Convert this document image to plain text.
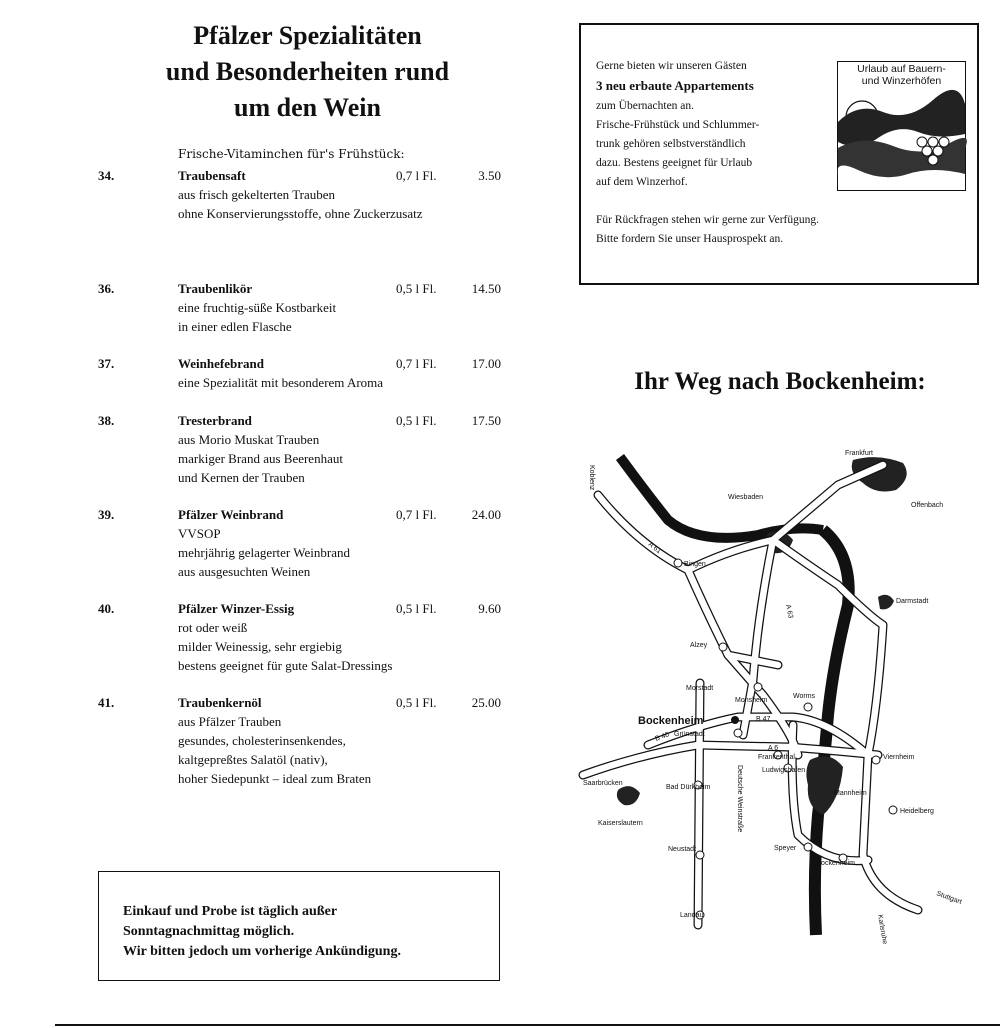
Pfälzer Spezialitäten
und Besonderheiten rund
um den Wein
Frische-Vitaminchen für's Frühstück:
34.	Traubensaft	0,7 l Fl.	3.50
aus frisch gekelterten Trauben
ohne Konservierungsstoffe, ohne Zuckerzusatz
36.	Traubenlikör	0,5 l Fl.	14.50
eine fruchtig-süße Kostbarkeit
in einer edlen Flasche
37.	Weinhefebrand	0,7 l Fl.	17.00
eine Spezialität mit besonderem Aroma
38.	Tresterbrand	0,5 l Fl.	17.50
aus Morio Muskat Trauben
markiger Brand aus Beerenhaut
und Kernen der Trauben
39.	Pfälzer Weinbrand	0,7 l Fl.	24.00
VVSOP
mehrjährig gelagerter Weinbrand
aus ausgesuchten Weinen
40.	Pfälzer Winzer-Essig	0,5 l Fl.	9.60
rot oder weiß
milder Weinessig, sehr ergiebig
bestens geeignet für gute Salat-Dressings
41.	Traubenkernöl	0,5 l Fl.	25.00
aus Pfälzer Trauben
gesundes, cholesterinsenkendes,
kaltgepreßtes Salatöl (nativ),
hoher Siedepunkt – ideal zum Braten
Einkauf und Probe ist täglich außer
Sonntagnachmittag möglich.
Wir bitten jedoch um vorherige Ankündigung.
Gerne bieten wir unseren Gästen
3 neu erbaute Appartements
zum Übernachten an.
Frische-Frühstück und Schlummer-
trunk gehören selbstverständlich
dazu. Bestens geeignet für Urlaub
auf dem Winzerhof.
Für Rückfragen stehen wir gerne zur Verfügung.
Bitte fordern Sie unser Hausprospekt an.
Urlaub auf Bauern-
und Winzerhöfen
Ihr Weg nach Bockenheim:
Bockenheim
Wiesbaden
Frankfurt
Offenbach
Bingen
Darmstadt
Alzey
Worms
Monsheim
Morstadt
Grünstadt
Saarbrücken
Frankenthal
Ludwigshafen
Mannheim
Viernheim
Bad Dürkheim
Kaiserslautern
Heidelberg
Neustadt	Speyer
Hockenheim
Landau
Stuttgart
Karlsruhe
Koblenz
A 61
A 63
A 6
B 47
B 40
Rhein
Deutsche Weinstraße
